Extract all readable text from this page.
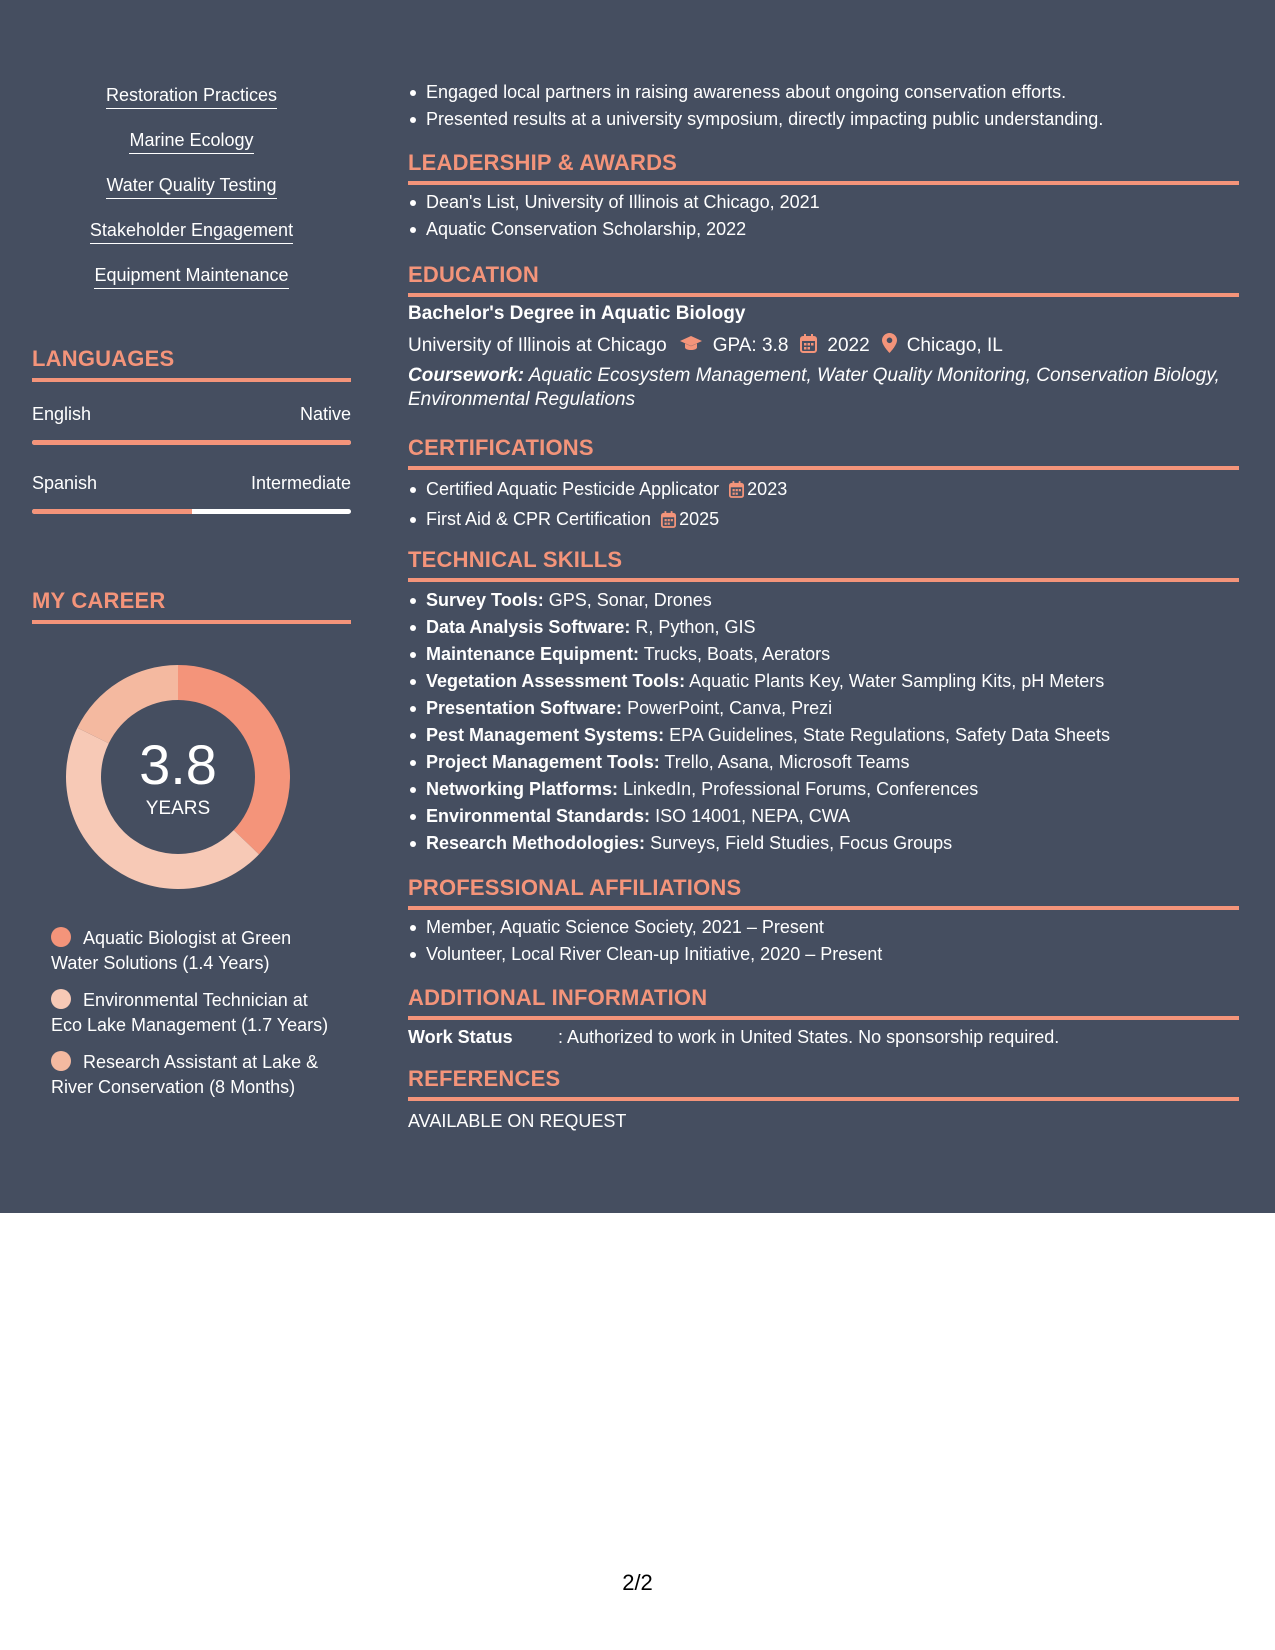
Restoration Practices
Marine Ecology
Water Quality Testing
Stakeholder Engagement
Equipment Maintenance
LANGUAGES
English	Native
Spanish	Intermediate
MY CAREER
3.8
YEARS
Aquatic Biologist at Green Water Solutions (1.4 Years)
Environmental Technician at Eco Lake Management (1.7 Years)
Research Assistant at Lake & River Conservation (8 Months)
Engaged local partners in raising awareness about ongoing conservation efforts.
Presented results at a university symposium, directly impacting public understanding.
LEADERSHIP & AWARDS
Dean's List, University of Illinois at Chicago, 2021
Aquatic Conservation Scholarship, 2022
EDUCATION
Bachelor's Degree in Aquatic Biology
University of Illinois at Chicago GPA: 3.8 2022 Chicago, IL
Coursework: Aquatic Ecosystem Management, Water Quality Monitoring, Conservation Biology, Environmental Regulations
CERTIFICATIONS
Certified Aquatic Pesticide Applicator 2023
First Aid & CPR Certification 2025
TECHNICAL SKILLS
Survey Tools: GPS, Sonar, Drones
Data Analysis Software: R, Python, GIS
Maintenance Equipment: Trucks, Boats, Aerators
Vegetation Assessment Tools: Aquatic Plants Key, Water Sampling Kits, pH Meters
Presentation Software: PowerPoint, Canva, Prezi
Pest Management Systems: EPA Guidelines, State Regulations, Safety Data Sheets
Project Management Tools: Trello, Asana, Microsoft Teams
Networking Platforms: LinkedIn, Professional Forums, Conferences
Environmental Standards: ISO 14001, NEPA, CWA
Research Methodologies: Surveys, Field Studies, Focus Groups
PROFESSIONAL AFFILIATIONS
Member, Aquatic Science Society, 2021 – Present
Volunteer, Local River Clean-up Initiative, 2020 – Present
ADDITIONAL INFORMATION
Work Status	: Authorized to work in United States. No sponsorship required.
REFERENCES
AVAILABLE ON REQUEST
2/2
